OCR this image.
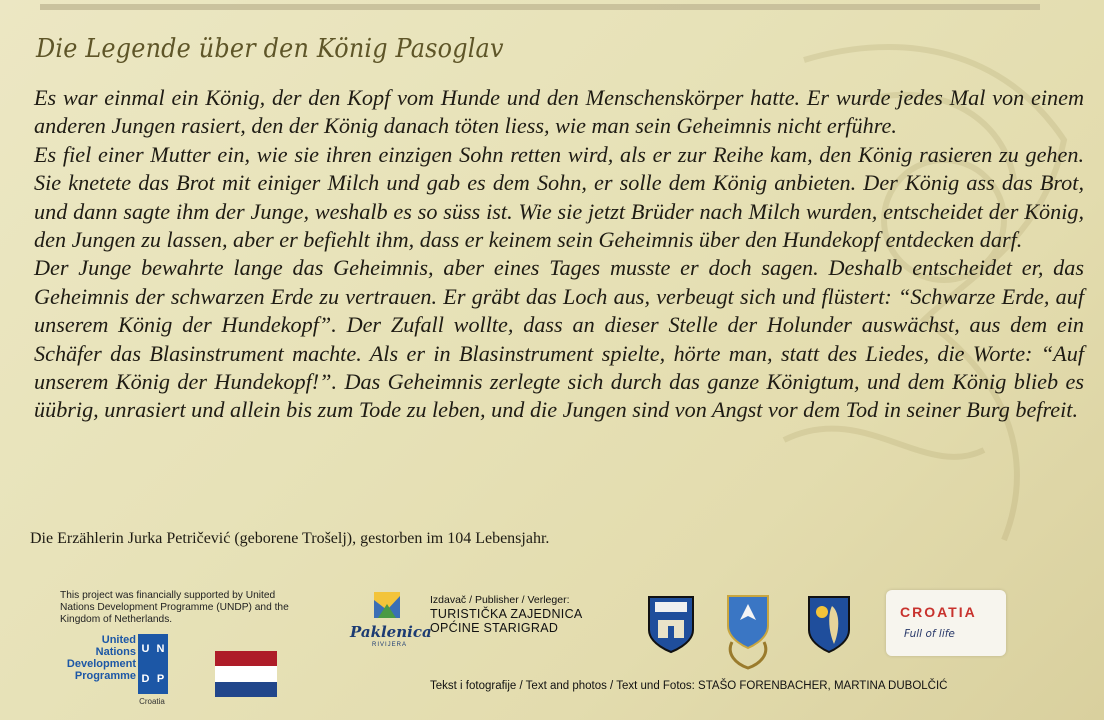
Die Legende über den König Pasoglav

Es war einmal ein König, der den Kopf vom Hunde und den Menschenskörper hatte. Er wurde jedes Mal von einem anderen Jungen rasiert, den der König danach töten liess, wie man sein Geheimnis nicht erführe.

Es fiel einer Mutter ein, wie sie ihren einzigen Sohn retten wird, als er zur Reihe kam, den König rasieren zu gehen. Sie knetete das Brot mit einiger Milch und gab es dem Sohn, er solle dem König anbieten. Der König ass das Brot, und dann sagte ihm der Junge, weshalb es so süss ist. Wie sie jetzt Brüder nach Milch wurden, entscheidet der König, den Jungen zu lassen, aber er befiehlt ihm, dass er keinem sein Geheimnis über den Hundekopf entdecken darf.

Der Junge bewahrte lange das Geheimnis, aber eines Tages musste er doch sagen. Deshalb entscheidet er, das Geheimnis der schwarzen Erde zu vertrauen. Er gräbt das Loch aus, verbeugt sich und flüstert: “Schwarze Erde, auf unserem König der Hundekopf”. Der Zufall wollte, dass an dieser Stelle der Holunder auswächst, aus dem ein Schäfer das Blasinstrument machte. Als er in Blasinstrument spielte, hörte man, statt des Liedes, die Worte: “Auf unserem König der Hundekopf!”. Das Geheimnis zerlegte sich durch das ganze Königtum, und dem König blieb es üübrig, unrasiert und allein bis zum Tode zu leben, und die Jungen sind von Angst vor dem Tod in seiner Burg befreit.

Die Erzählerin Jurka Petričević (geborene Trošelj), gestorben im 104 Lebensjahr.
This project was financially supported by United Nations Development Programme (UNDP) and the Kingdom of Netherlands.
United
Nations
Development
Programme
U N
D P
Croatia
Paklenica
RIVIJERA
Izdavač / Publisher / Verleger:
TURISTIČKA ZAJEDNICA
OPĆINE STARIGRAD
CROATIA
Full of life
Tekst i fotografije / Text and photos / Text und Fotos: STAŠO FORENBACHER, MARTINA DUBOLČIĆ
